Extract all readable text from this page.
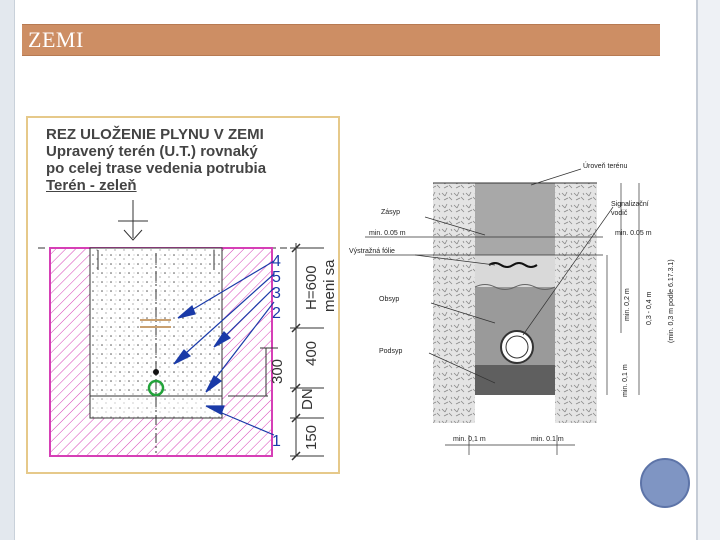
ZEMI
REZ ULOŽENIE PLYNU V ZEMI
Upravený terén (U.T.) rovnaký
po celej trase vedenia potrubia
Terén - zeleň
4
5
3
2
1
H=600 meni sa
400
300
DN
150
Úroveň terénu
Zásyp
Signalizační
vodič
min. 0.05 m	min. 0.05 m
Výstražná fólie
Obsyp
Podsyp
min. 0,2 m 0,3 - 0,4 m (min. 0,3 m podle 6.17.3.1)
min. 0,1 m
min. 0,1 m	min. 0.1 m
